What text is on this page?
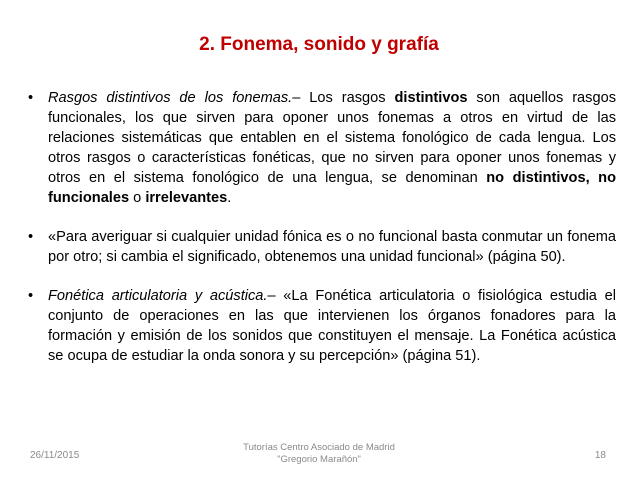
2. Fonema, sonido y grafía
• Rasgos distintivos de los fonemas.– Los rasgos distintivos son aquellos rasgos funcionales, los que sirven para oponer unos fonemas a otros en virtud de las relaciones sistemáticas que entablen en el sistema fonológico de cada lengua. Los otros rasgos o características fonéticas, que no sirven para oponer unos fonemas y otros en el sistema fonológico de una lengua, se denominan no distintivos, no funcionales o irrelevantes.
• «Para averiguar si cualquier unidad fónica es o no funcional basta conmutar un fonema por otro; si cambia el significado, obtenemos una unidad funcional» (página 50).
• Fonética articulatoria y acústica.– «La Fonética articulatoria o fisiológica estudia el conjunto de operaciones en las que intervienen los órganos fonadores para la formación y emisión de los sonidos que constituyen el mensaje. La Fonética acústica se ocupa de estudiar la onda sonora y su percepción» (página 51).
26/11/2015
Tutorías Centro Asociado de Madrid
"Gregorio Marañón"	18
